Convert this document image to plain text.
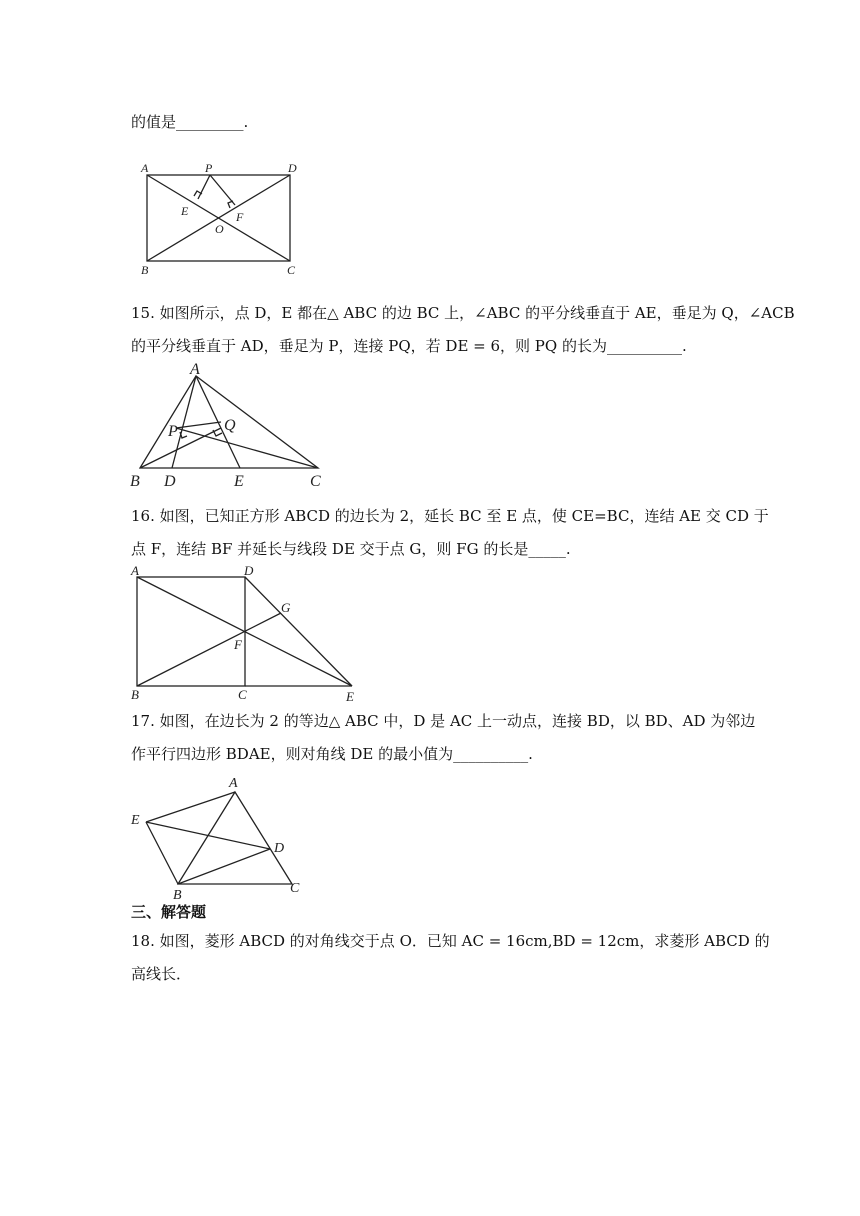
的值是_________.
A	P	D
E	F
O
B	C
15. 如图所示，点 D，E 都在△ ABC 的边 BC 上，∠ABC 的平分线垂直于 AE，垂足为 Q，∠ACB
的平分线垂直于 AD，垂足为 P，连接 PQ，若 DE = 6，则 PQ 的长为__________.
A
P	Q
B D	E	C
16. 如图，已知正方形 ABCD 的边长为 2，延长 BC 至 E 点，使 CE=BC，连结 AE 交 CD 于
点 F，连结 BF 并延长与线段 DE 交于点 G，则 FG 的长是_____.
A	D
G
F
B	C	E
17. 如图，在边长为 2 的等边△ ABC 中，D 是 AC 上一动点，连接 BD，以 BD、AD 为邻边
作平行四边形 BDAE，则对角线 DE 的最小值为__________.
A
E
D
B	C
三、解答题
18. 如图，菱形 ABCD 的对角线交于点 O．已知 AC = 16cm,BD = 12cm，求菱形 ABCD 的
高线长．
